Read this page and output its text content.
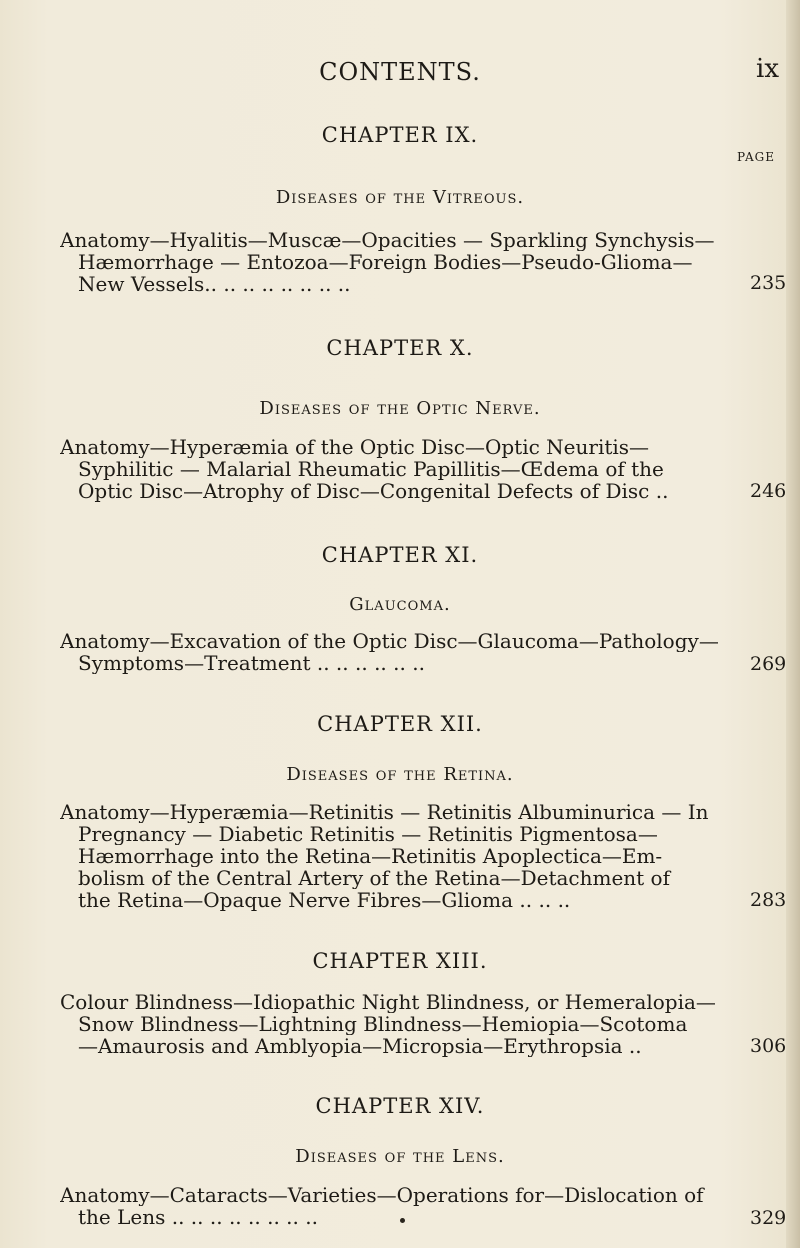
CONTENTS.	ix
PAGE
CHAPTER IX.
Diseases of the Vitreous.
Anatomy—Hyalitis—Muscæ—Opacities — Sparkling Synchysis—
Hæmorrhage — Entozoa—Foreign Bodies—Pseudo-Glioma—
New Vessels.. .. .. .. .. .. .. ..	235
CHAPTER X.
Diseases of the Optic Nerve.
Anatomy—Hyperæmia of the Optic Disc—Optic Neuritis—
Syphilitic — Malarial Rheumatic Papillitis—Œdema of the
Optic Disc—Atrophy of Disc—Congenital Defects of Disc ..	246
CHAPTER XI.
Glaucoma.
Anatomy—Excavation of the Optic Disc—Glaucoma—Pathology—
Symptoms—Treatment .. .. .. .. .. ..	269
CHAPTER XII.
Diseases of the Retina.
Anatomy—Hyperæmia—Retinitis — Retinitis Albuminurica — In
Pregnancy — Diabetic Retinitis — Retinitis Pigmentosa—
Hæmorrhage into the Retina—Retinitis Apoplectica—Em-
bolism of the Central Artery of the Retina—Detachment of
the Retina—Opaque Nerve Fibres—Glioma .. .. ..	283
CHAPTER XIII.
Colour Blindness—Idiopathic Night Blindness, or Hemeralopia—
Snow Blindness—Lightning Blindness—Hemiopia—Scotoma
—Amaurosis and Amblyopia—Micropsia—Erythropsia ..	306
CHAPTER XIV.
Diseases of the Lens.
Anatomy—Cataracts—Varieties—Operations for—Dislocation of
the Lens .. .. .. .. .. .. .. ..	329
